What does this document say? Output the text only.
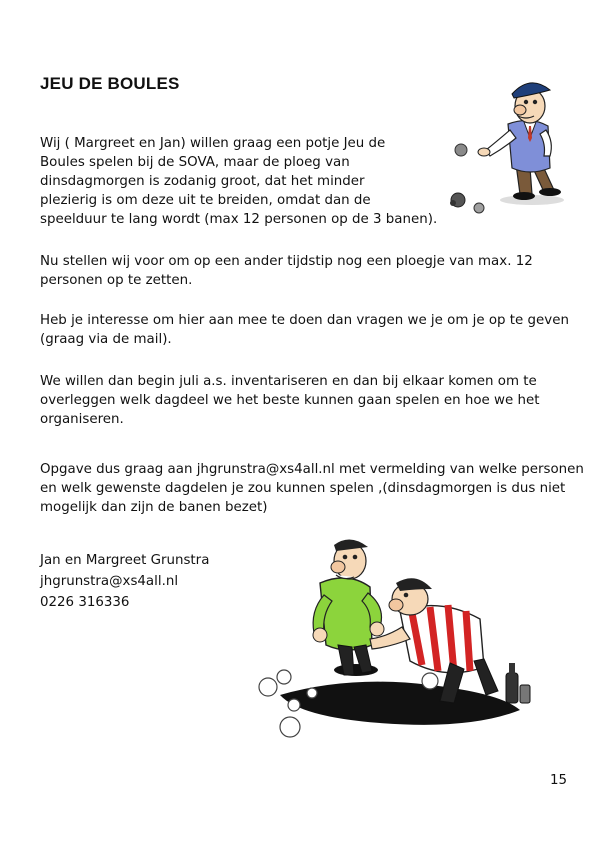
JEU DE BOULES

Wij ( Margreet en Jan) willen graag een potje Jeu de
Boules spelen bij de SOVA, maar de ploeg van
dinsdagmorgen is zodanig groot, dat het minder
plezierig is om deze uit te breiden, omdat dan de
speelduur te lang wordt (max 12 personen op de 3 banen).

Nu stellen wij voor om op een ander tijdstip nog een ploegje van max. 12
personen op te zetten.

Heb je interesse om hier aan mee te doen dan vragen we je om je op te geven
(graag via de mail).

We willen dan begin juli a.s. inventariseren en dan bij elkaar komen om te
overleggen welk dagdeel we het beste kunnen gaan spelen en hoe we het
organiseren.

Opgave dus graag aan jhgrunstra@xs4all.nl met vermelding van welke personen
en welk gewenste dagdelen je zou kunnen spelen ,(dinsdagmorgen is dus niet
mogelijk dan zijn de banen bezet)

Jan en Margreet Grunstra
jhgrunstra@xs4all.nl
0226 316336
15
